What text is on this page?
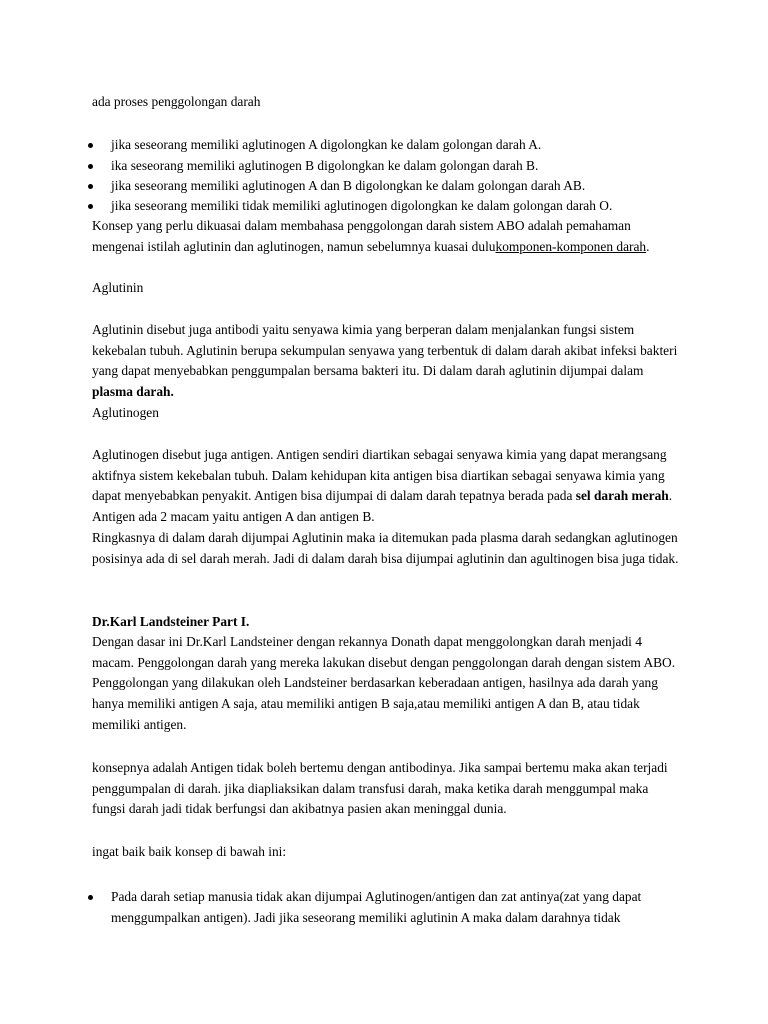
ada proses penggolongan darah

jika seseorang memiliki aglutinogen A digolongkan ke dalam golongan darah A.

ika seseorang memiliki aglutinogen B digolongkan ke dalam golongan darah B.

jika seseorang memiliki aglutinogen A dan B digolongkan ke dalam golongan darah AB.

jika seseorang memiliki tidak memiliki aglutinogen digolongkan ke dalam golongan darah O.

Konsep yang perlu dikuasai dalam membahasa penggolongan darah sistem ABO adalah pemahaman mengenai istilah aglutinin dan aglutinogen, namun sebelumnya kuasai dulukomponen-komponen darah.

Aglutinin

Aglutinin disebut juga antibodi yaitu senyawa kimia yang berperan dalam menjalankan fungsi sistem kekebalan tubuh. Aglutinin berupa sekumpulan senyawa yang terbentuk di dalam darah akibat infeksi bakteri yang dapat menyebabkan penggumpalan bersama bakteri itu. Di dalam darah aglutinin dijumpai dalam plasma darah.

Aglutinogen

Aglutinogen disebut juga antigen. Antigen sendiri diartikan sebagai senyawa kimia yang dapat merangsang aktifnya sistem kekebalan tubuh. Dalam kehidupan kita antigen bisa diartikan sebagai senyawa kimia yang dapat menyebabkan penyakit. Antigen bisa dijumpai di dalam darah tepatnya berada pada sel darah merah. Antigen ada 2 macam yaitu antigen A dan antigen B.

Ringkasnya di dalam darah dijumpai Aglutinin maka ia ditemukan pada plasma darah sedangkan aglutinogen posisinya ada di sel darah merah. Jadi di dalam darah bisa dijumpai aglutinin dan agultinogen bisa juga tidak.

Dr.Karl Landsteiner Part I.

Dengan dasar ini Dr.Karl Landsteiner dengan rekannya Donath dapat menggolongkan darah menjadi 4 macam. Penggolongan darah yang mereka lakukan disebut dengan penggolongan darah dengan sistem ABO. Penggolongan yang dilakukan oleh Landsteiner berdasarkan keberadaan antigen, hasilnya ada darah yang hanya memiliki antigen A saja, atau memiliki antigen B saja,atau memiliki antigen A dan B, atau tidak memiliki antigen.

konsepnya adalah Antigen tidak boleh bertemu dengan antibodinya. Jika sampai bertemu maka akan terjadi penggumpalan di darah. jika diapliaksikan dalam transfusi darah, maka ketika darah menggumpal maka fungsi darah jadi tidak berfungsi dan akibatnya pasien akan meninggal dunia.

ingat baik baik konsep di bawah ini:

Pada darah setiap manusia tidak akan dijumpai Aglutinogen/antigen dan zat antinya(zat yang dapat menggumpalkan antigen). Jadi jika seseorang memiliki aglutinin A maka dalam darahnya tidak
